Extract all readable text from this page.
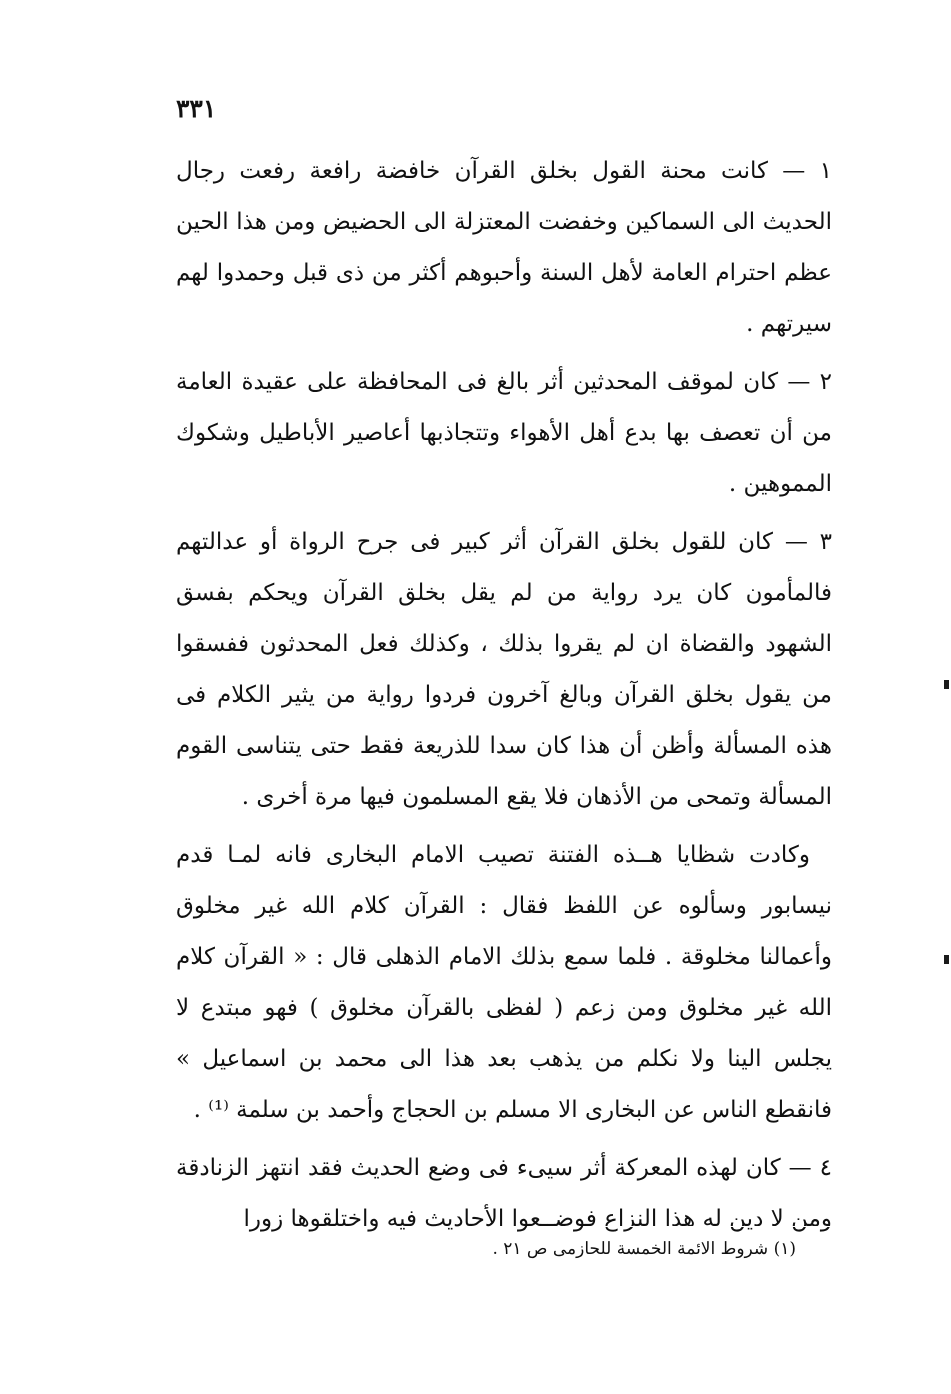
٣٣١

١ — كانت محنة القول بخلق القرآن خافضة رافعة رفعت رجال الحديث الى السماكين وخفضت المعتزلة الى الحضيض ومن هذا الحين عظم احترام العامة لأهل السنة وأحبوهم أكثر من ذى قبل وحمدوا لهم سيرتهم .

٢ — كان لموقف المحدثين أثر بالغ فى المحافظة على عقيدة العامة من أن تعصف بها بدع أهل الأهواء وتتجاذبها أعاصير الأباطيل وشكوك المموهين .

٣ — كان للقول بخلق القرآن أثر كبير فى جرح الرواة أو عدالتهم فالمأمون كان يرد رواية من لم يقل بخلق القرآن ويحكم بفسق الشهود والقضاة ان لم يقروا بذلك ، وكذلك فعل المحدثون ففسقوا من يقول بخلق القرآن وبالغ آخرون فردوا رواية من يثير الكلام فى هذه المسألة وأظن أن هذا كان سدا للذريعة فقط حتى يتناسى القوم المسألة وتمحى من الأذهان فلا يقع المسلمون فيها مرة أخرى .

وكادت شظايا هــذه الفتنة تصيب الامام البخارى فانه لمـا قدم نيسابور وسألوه عن اللفظ فقال : القرآن كلام الله غير مخلوق وأعمالنا مخلوقة . فلما سمع بذلك الامام الذهلى قال : « القرآن كلام الله غير مخلوق ومن زعم ( لفظى بالقرآن مخلوق ) فهو مبتدع لا يجلس الينا ولا نكلم من يذهب بعد هذا الى محمد بن اسماعيل » فانقطع الناس عن البخارى الا مسلم بن الحجاج وأحمد بن سلمة ⁽¹⁾ .

٤ — كان لهذه المعركة أثر سيىء فى وضع الحديث فقد انتهز الزنادقة ومن لا دين له هذا النزاع فوضــعوا الأحاديث فيه واختلقوها زورا

(١) شروط الائمة الخمسة للحازمى ص ٢١ .
